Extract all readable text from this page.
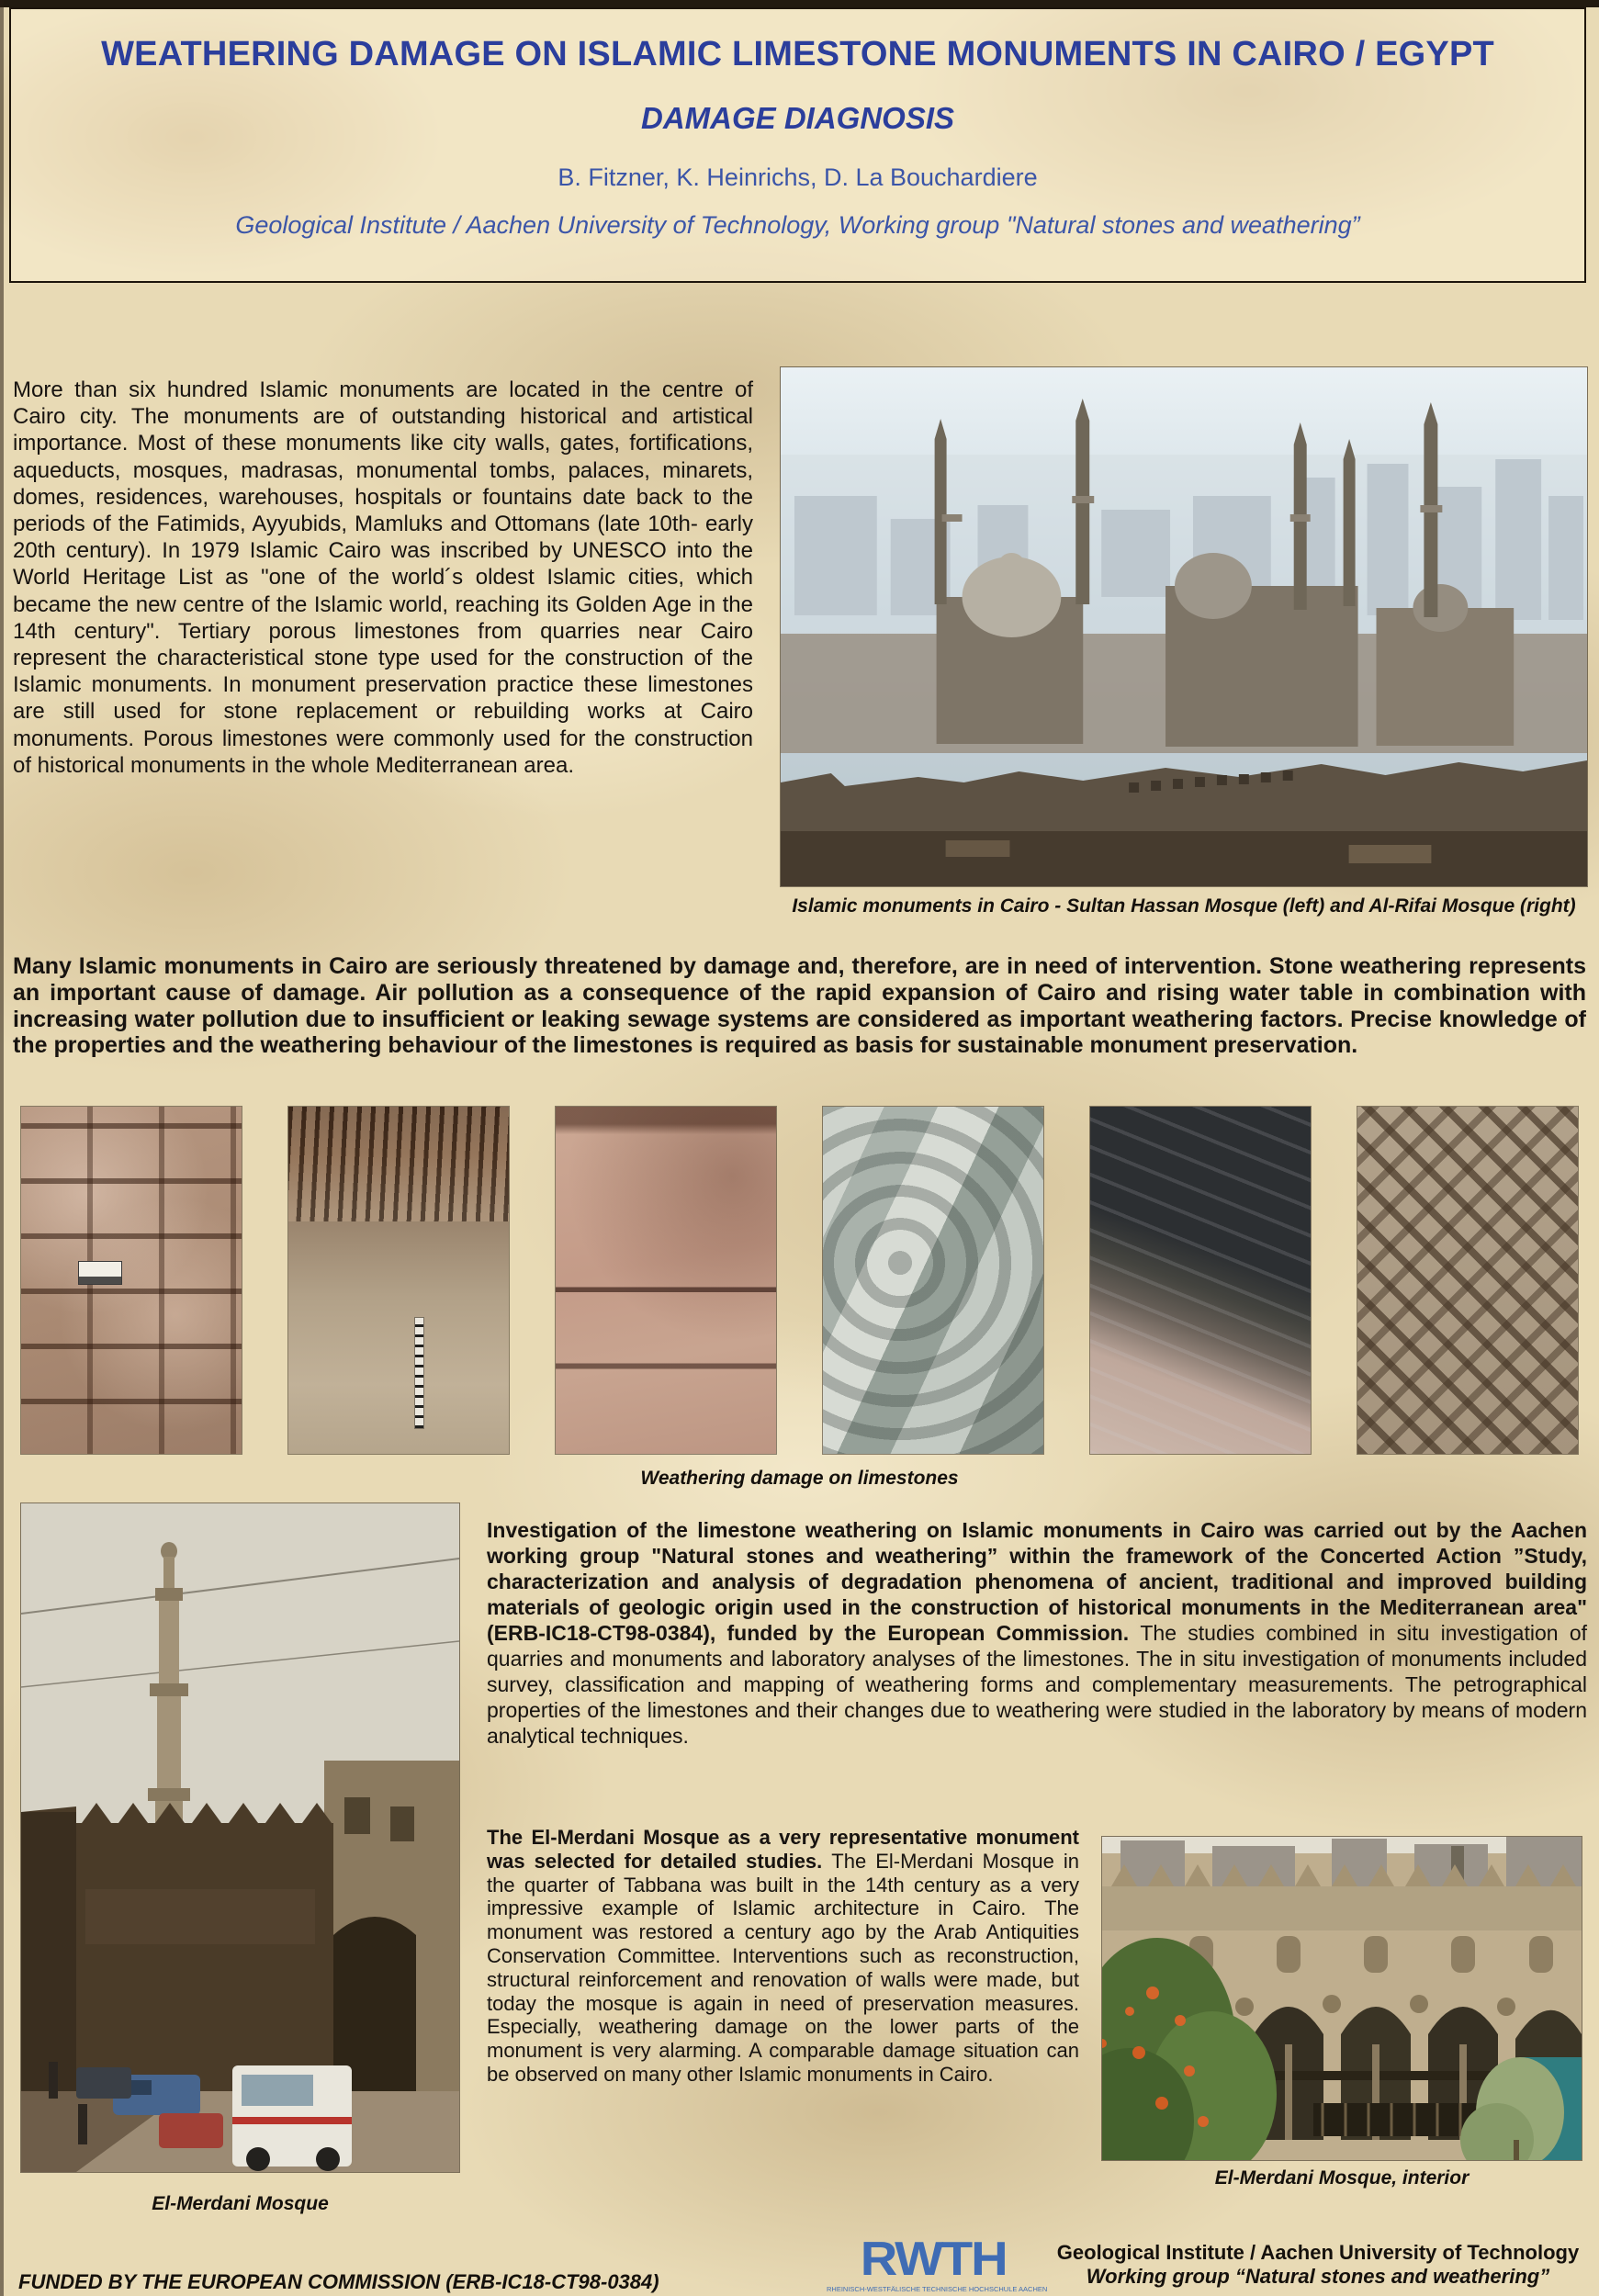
WEATHERING DAMAGE ON ISLAMIC LIMESTONE MONUMENTS IN CAIRO / EGYPT
DAMAGE DIAGNOSIS
B. Fitzner, K. Heinrichs, D. La Bouchardiere
Geological Institute / Aachen University of Technology, Working group "Natural stones and weathering”
More than six hundred Islamic monuments are located in the centre of Cairo city. The monuments are of outstanding historical and artistical importance. Most of these monuments like city walls, gates, fortifications, aqueducts, mosques, madrasas, monumental tombs, palaces, minarets, domes, residences, warehouses, hospitals or fountains date back to the periods of the Fatimids, Ayyubids, Mamluks and Ottomans (late 10th- early 20th century). In 1979 Islamic Cairo was inscribed by UNESCO into the World Heritage List as "one of the world´s oldest Islamic cities, which became the new centre of the Islamic world, reaching its Golden Age in the 14th century". Tertiary porous limestones from quarries near Cairo represent the characteristical stone type used for the construction of the Islamic monuments. In monument preservation practice these limestones are still used for stone replacement or rebuilding works at Cairo monuments. Porous limestones were commonly used for the construction of historical monuments in the whole Mediterranean area.
Islamic monuments in Cairo - Sultan Hassan Mosque (left) and Al-Rifai Mosque (right)
Many Islamic monuments in Cairo are seriously threatened by damage and, therefore, are in need of intervention. Stone weathering represents an important cause of damage. Air pollution as a consequence of the rapid expansion of Cairo and rising water table in combination with increasing water pollution due to insufficient or leaking sewage systems are considered as important weathering factors. Precise knowledge of the properties and the weathering behaviour of the limestones is required as basis for sustainable monument preservation.
Weathering damage on limestones
El-Merdani Mosque
Investigation of the limestone weathering on Islamic monuments in Cairo was carried out by the Aachen working group "Natural stones and weathering” within the framework of the Concerted Action ”Study, characterization and analysis of degradation phenomena of ancient, traditional and improved building materials of geologic origin used in the construction of historical monuments in the Mediterranean area" (ERB-IC18-CT98-0384), funded by the European Commission. The studies combined in situ investigation of quarries and monuments and laboratory analyses of the limestones. The in situ investigation of monuments included survey, classification and mapping of weathering forms and complementary measurements. The petrographical properties of the limestones and their changes due to weathering were studied in the laboratory by means of modern analytical techniques.
The El-Merdani Mosque as a very representative monument was selected for detailed studies. The El-Merdani Mosque in the quarter of Tabbana was built in the 14th century as a very impressive example of Islamic architecture in Cairo. The monument was restored a century ago by the Arab Antiquities Conservation Committee. Interventions such as reconstruction, structural reinforcement and renovation of walls were made, but today the mosque is again in need of preservation measures. Especially, weathering damage on the lower parts of the monument is very alarming. A comparable damage situation can be observed on many other Islamic monuments in Cairo.
El-Merdani Mosque, interior
FUNDED BY THE EUROPEAN COMMISSION (ERB-IC18-CT98-0384)	RWTH
RHEINISCH-WESTFÄLISCHE TECHNISCHE HOCHSCHULE AACHEN
Geological Institute / Aachen University of Technology
Working group “Natural stones and weathering”
